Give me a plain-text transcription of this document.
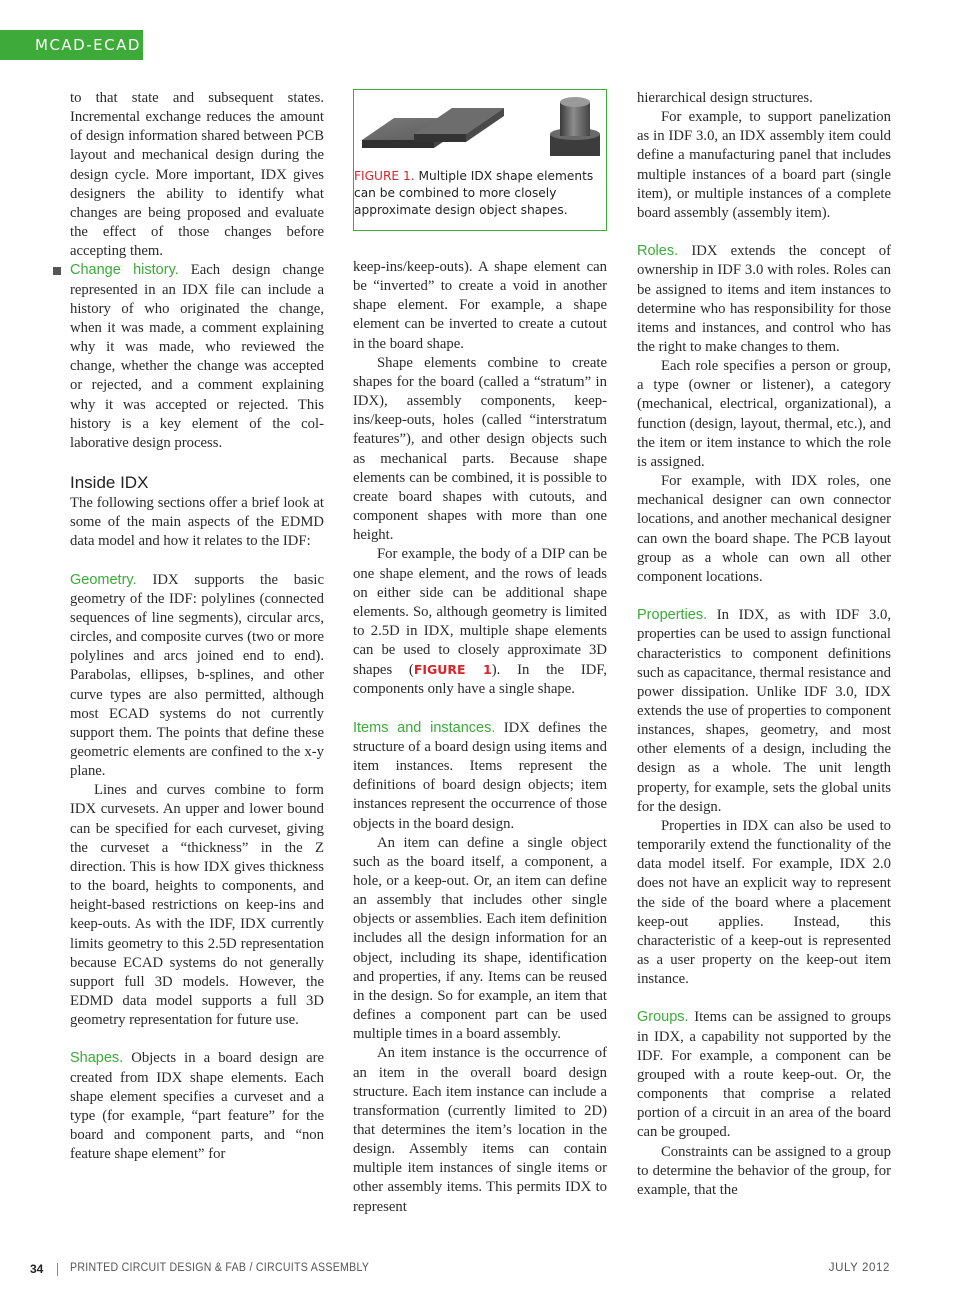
MCAD-ECAD

to that state and subsequent states. Incremental exchange reduces the amount of design information shared between PCB layout and mechanical design during the design cycle. More important, IDX gives designers the ability to identify what changes are being proposed and evaluate the effect of those changes before accepting them.

Change history. Each design change represented in an IDX file can include a history of who originated the change, when it was made, a comment explaining why it was made, who reviewed the change, whether the change was accepted or rejected, and a comment explaining why it was accepted or rejected. This history is a key element of the collaborative design process.

Inside IDX

The following sections offer a brief look at some of the main aspects of the EDMD data model and how it relates to the IDF:

Geometry. IDX supports the basic geometry of the IDF: polylines (connected sequences of line segments), circular arcs, circles, and composite curves (two or more polylines and arcs joined end to end). Parabolas, ellipses, b-splines, and other curve types are also permitted, although most ECAD systems do not currently support them. The points that define these geometric elements are confined to the x-y plane.

Lines and curves combine to form IDX curvesets. An upper and lower bound can be specified for each curveset, giving the curveset a “thickness” in the Z direction. This is how IDX gives thickness to the board, heights to components, and height-based restrictions on keep-ins and keep-outs. As with the IDF, IDX currently limits geometry to this 2.5D representation because ECAD systems do not generally support full 3D models. However, the EDMD data model supports a full 3D geometry representation for future use.

Shapes. Objects in a board design are created from IDX shape elements. Each shape element specifies a curveset and a type (for example, “part feature” for the board and component parts, and “non feature shape element” for

FIGURE 1. Multiple IDX shape elements can be combined to more closely approximate design object shapes.

keep-ins/keep-outs). A shape element can be “inverted” to create a void in another shape element. For example, a shape element can be inverted to create a cutout in the board shape.

Shape elements combine to create shapes for the board (called a “stratum” in IDX), assembly components, keep-ins/keep-outs, holes (called “interstratum features”), and other design objects such as mechanical parts. Because shape elements can be combined, it is possible to create board shapes with cutouts, and component shapes with more than one height.

For example, the body of a DIP can be one shape element, and the rows of leads on either side can be additional shape elements. So, although geometry is limited to 2.5D in IDX, multiple shape elements can be used to closely approximate 3D shapes (FIGURE 1). In the IDF, components only have a single shape.

Items and instances. IDX defines the structure of a board design using items and item instances. Items represent the definitions of board design objects; item instances represent the occurrence of those objects in the board design.

An item can define a single object such as the board itself, a component, a hole, or a keep-out. Or, an item can define an assembly that includes other single objects or assemblies. Each item definition includes all the design information for an object, including its shape, identification and properties, if any. Items can be reused in the design. So for example, an item that defines a component part can be used multiple times in a board assembly.

An item instance is the occurrence of an item in the overall board design structure. Each item instance can include a transformation (currently limited to 2D) that determines the item’s location in the design. Assembly items can contain multiple item instances of single items or other assembly items. This permits IDX to represent

hierarchical design structures.

For example, to support panelization as in IDF 3.0, an IDX assembly item could define a manufacturing panel that includes multiple instances of a board part (single item), or multiple instances of a complete board assembly (assembly item).

Roles. IDX extends the concept of ownership in IDF 3.0 with roles. Roles can be assigned to items and item instances to determine who has responsibility for those items and instances, and control who has the right to make changes to them.

Each role specifies a person or group, a type (owner or listener), a category (mechanical, electrical, organizational), a function (design, layout, thermal, etc.), and the item or item instance to which the role is assigned.

For example, with IDX roles, one mechanical designer can own connector locations, and another mechanical designer can own the board shape. The PCB layout group as a whole can own all other component locations.

Properties. In IDX, as with IDF 3.0, properties can be used to assign functional characteristics to component definitions such as capacitance, thermal resistance and power dissipation. Unlike IDF 3.0, IDX extends the use of properties to component instances, shapes, geometry, and most other elements of a design, including the design as a whole. The unit length property, for example, sets the global units for the design.

Properties in IDX can also be used to temporarily extend the functionality of the data model itself. For example, IDX 2.0 does not have an explicit way to represent the side of the board where a placement keep-out applies. Instead, this characteristic of a keep-out is represented as a user property on the keep-out item instance.

Groups. Items can be assigned to groups in IDX, a capability not supported by the IDF. For example, a component can be grouped with a route keep-out. Or, the components that comprise a related portion of a circuit in an area of the board can be grouped.

Constraints can be assigned to a group to determine the behavior of the group, for example, that the

34 PRINTED CIRCUIT DESIGN & FAB / CIRCUITS ASSEMBLY	JULY 2012
